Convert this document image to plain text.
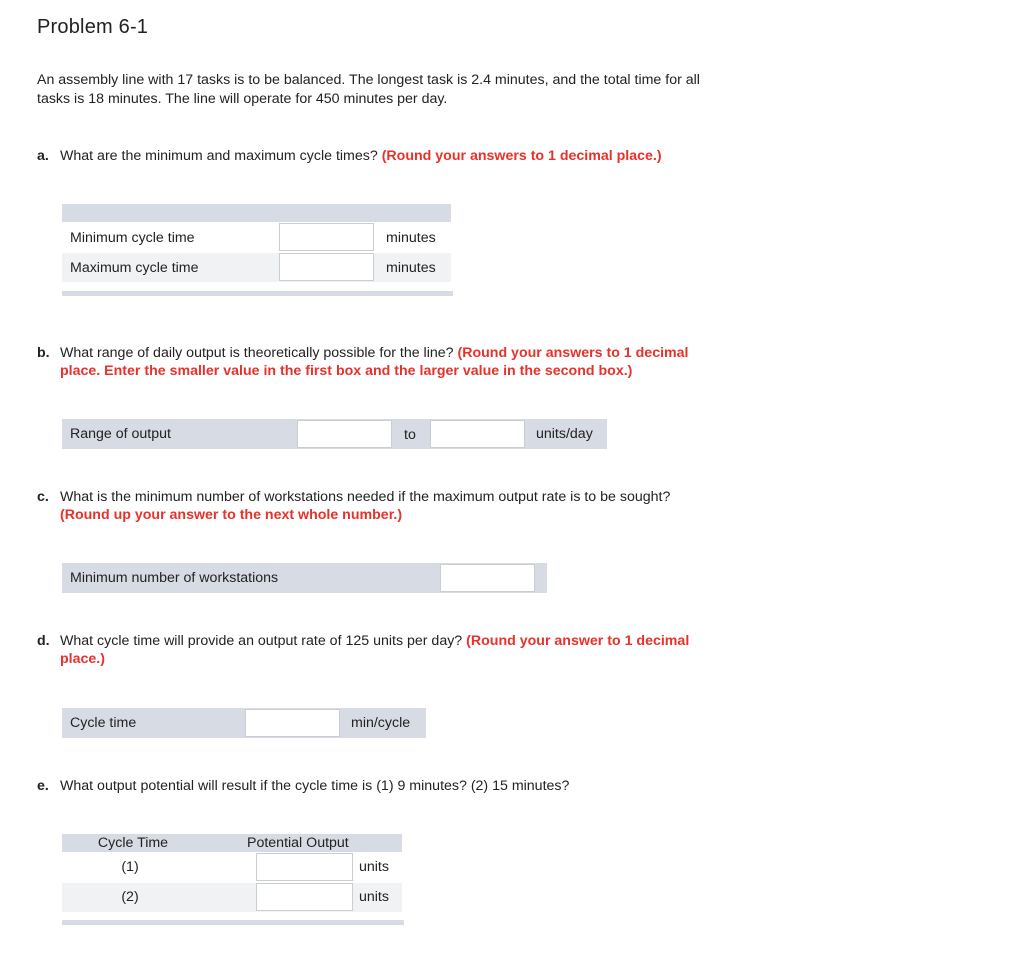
Problem 6-1
An assembly line with 17 tasks is to be balanced. The longest task is 2.4 minutes, and the total time for all
tasks is 18 minutes. The line will operate for 450 minutes per day.
a. What are the minimum and maximum cycle times? (Round your answers to 1 decimal place.)
Minimum cycle time	minutes
Maximum cycle time	minutes
b. What range of daily output is theoretically possible for the line? (Round your answers to 1 decimal
place. Enter the smaller value in the first box and the larger value in the second box.)
Range of output	to	units/day
c. What is the minimum number of workstations needed if the maximum output rate is to be sought?
(Round up your answer to the next whole number.)
Minimum number of workstations
d. What cycle time will provide an output rate of 125 units per day? (Round your answer to 1 decimal
place.)
Cycle time	min/cycle
e. What output potential will result if the cycle time is (1) 9 minutes? (2) 15 minutes?
Cycle Time	Potential Output
(1)	units
(2)	units
